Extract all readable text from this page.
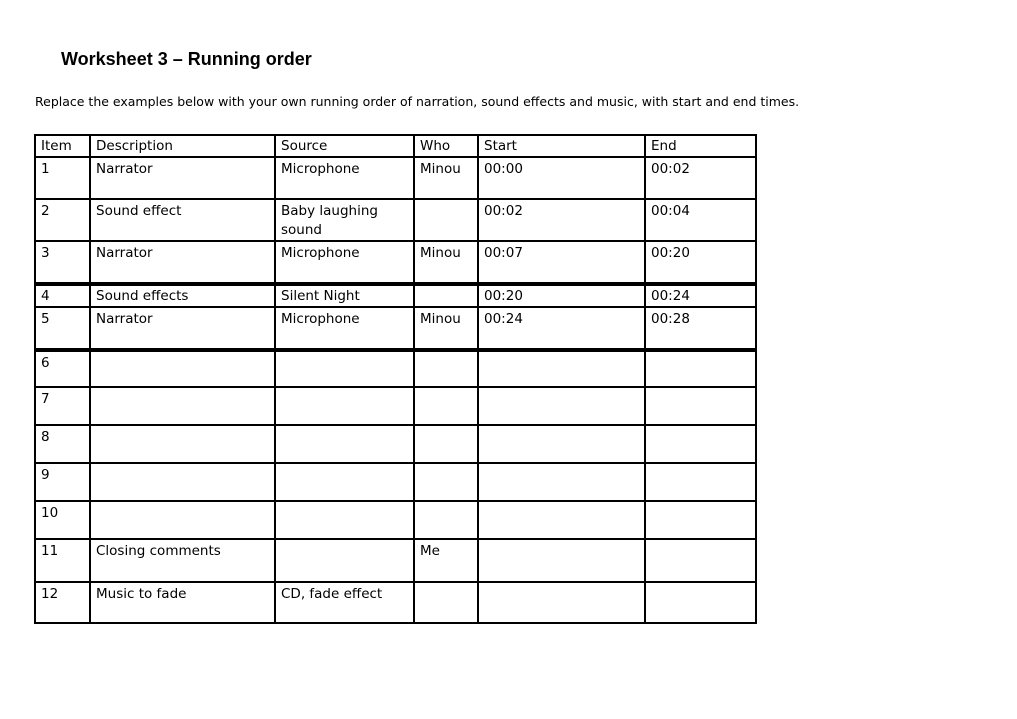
Worksheet 3 – Running order
Replace the examples below with your own running order of narration, sound effects and music, with start and end times.
Item	Description	Source	Who	Start	End
1	Narrator	Microphone	Minou	00:00	00:02
2	Sound effect	Baby laughing sound		00:02	00:04
3	Narrator	Microphone	Minou	00:07	00:20
4	Sound effects	Silent Night		00:20	00:24
5	Narrator	Microphone	Minou	00:24	00:28
6					
7					
8					
9					
10					
11	Closing comments		Me		
12	Music to fade	CD, fade effect			
